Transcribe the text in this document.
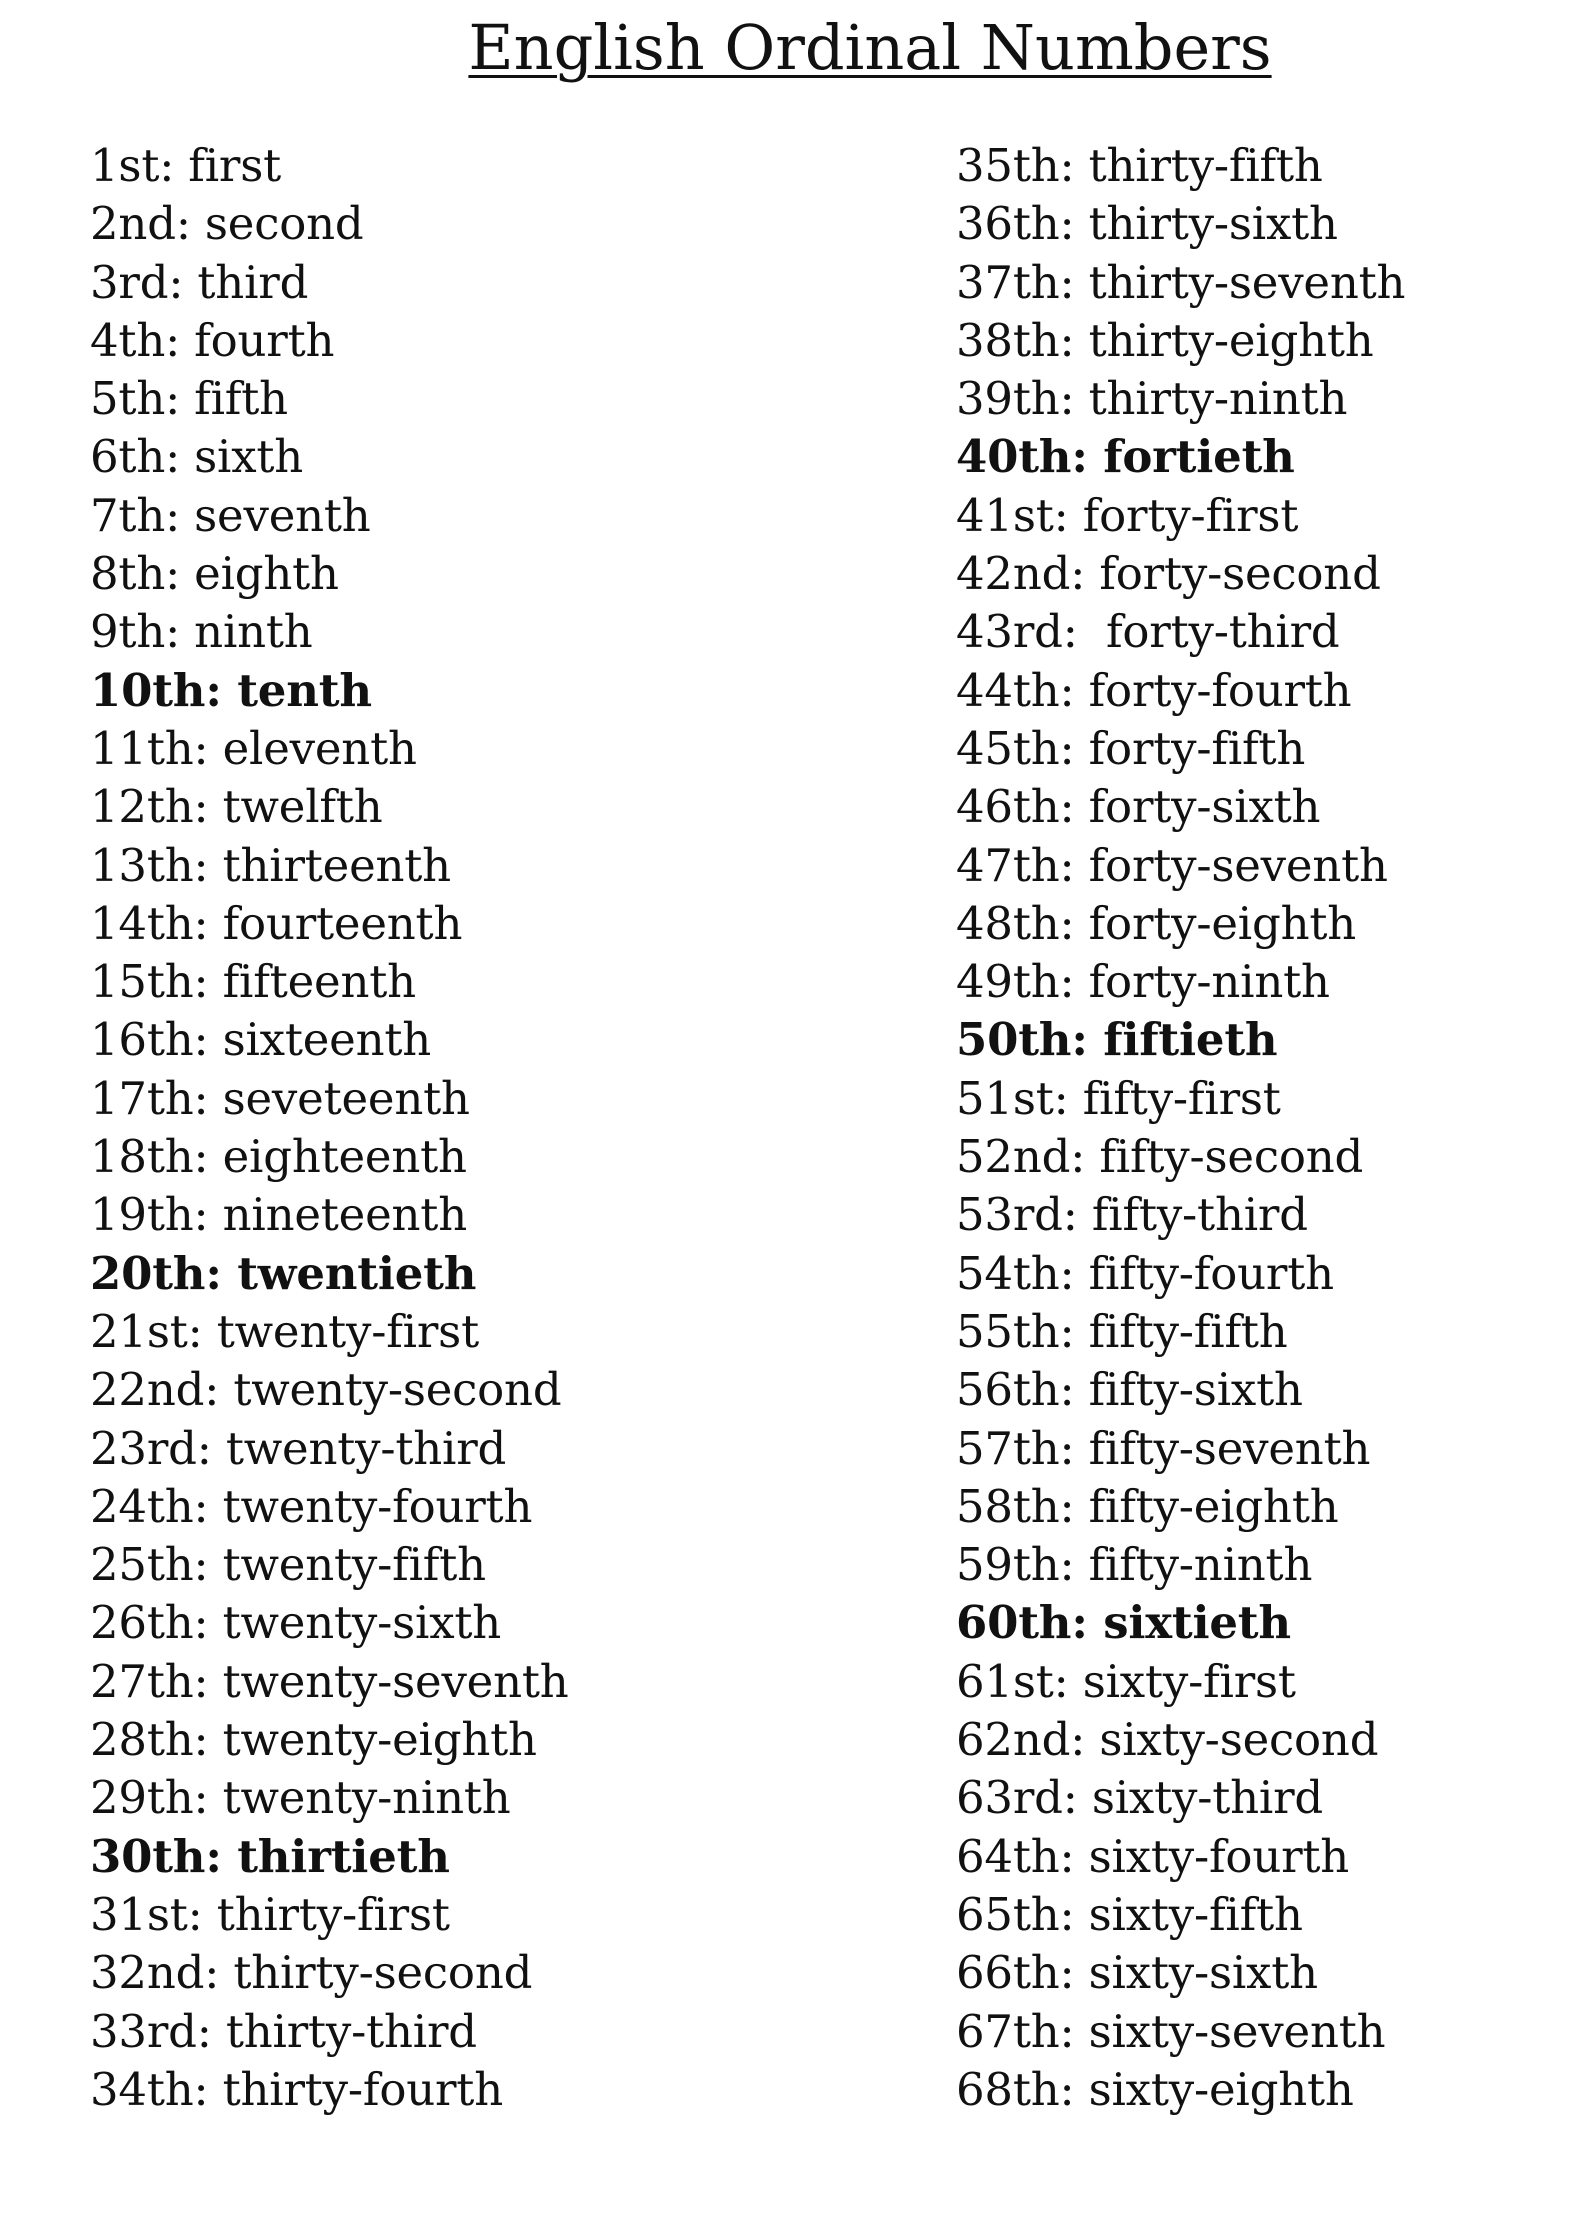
English Ordinal Numbers
1st: first
2nd: second
3rd: third
4th: fourth
5th: fifth
6th: sixth
7th: seventh
8th: eighth
9th: ninth
10th: tenth
11th: eleventh
12th: twelfth
13th: thirteenth
14th: fourteenth
15th: fifteenth
16th: sixteenth
17th: seveteenth
18th: eighteenth
19th: nineteenth
20th: twentieth
21st: twenty-first
22nd: twenty-second
23rd: twenty-third
24th: twenty-fourth
25th: twenty-fifth
26th: twenty-sixth
27th: twenty-seventh
28th: twenty-eighth
29th: twenty-ninth
30th: thirtieth
31st: thirty-first
32nd: thirty-second
33rd: thirty-third
34th: thirty-fourth
35th: thirty-fifth
36th: thirty-sixth
37th: thirty-seventh
38th: thirty-eighth
39th: thirty-ninth
40th: fortieth
41st: forty-first
42nd: forty-second
43rd:  forty-third
44th: forty-fourth
45th: forty-fifth
46th: forty-sixth
47th: forty-seventh
48th: forty-eighth
49th: forty-ninth
50th: fiftieth
51st: fifty-first
52nd: fifty-second
53rd: fifty-third
54th: fifty-fourth
55th: fifty-fifth
56th: fifty-sixth
57th: fifty-seventh
58th: fifty-eighth
59th: fifty-ninth
60th: sixtieth
61st: sixty-first
62nd: sixty-second
63rd: sixty-third
64th: sixty-fourth
65th: sixty-fifth
66th: sixty-sixth
67th: sixty-seventh
68th: sixty-eighth
